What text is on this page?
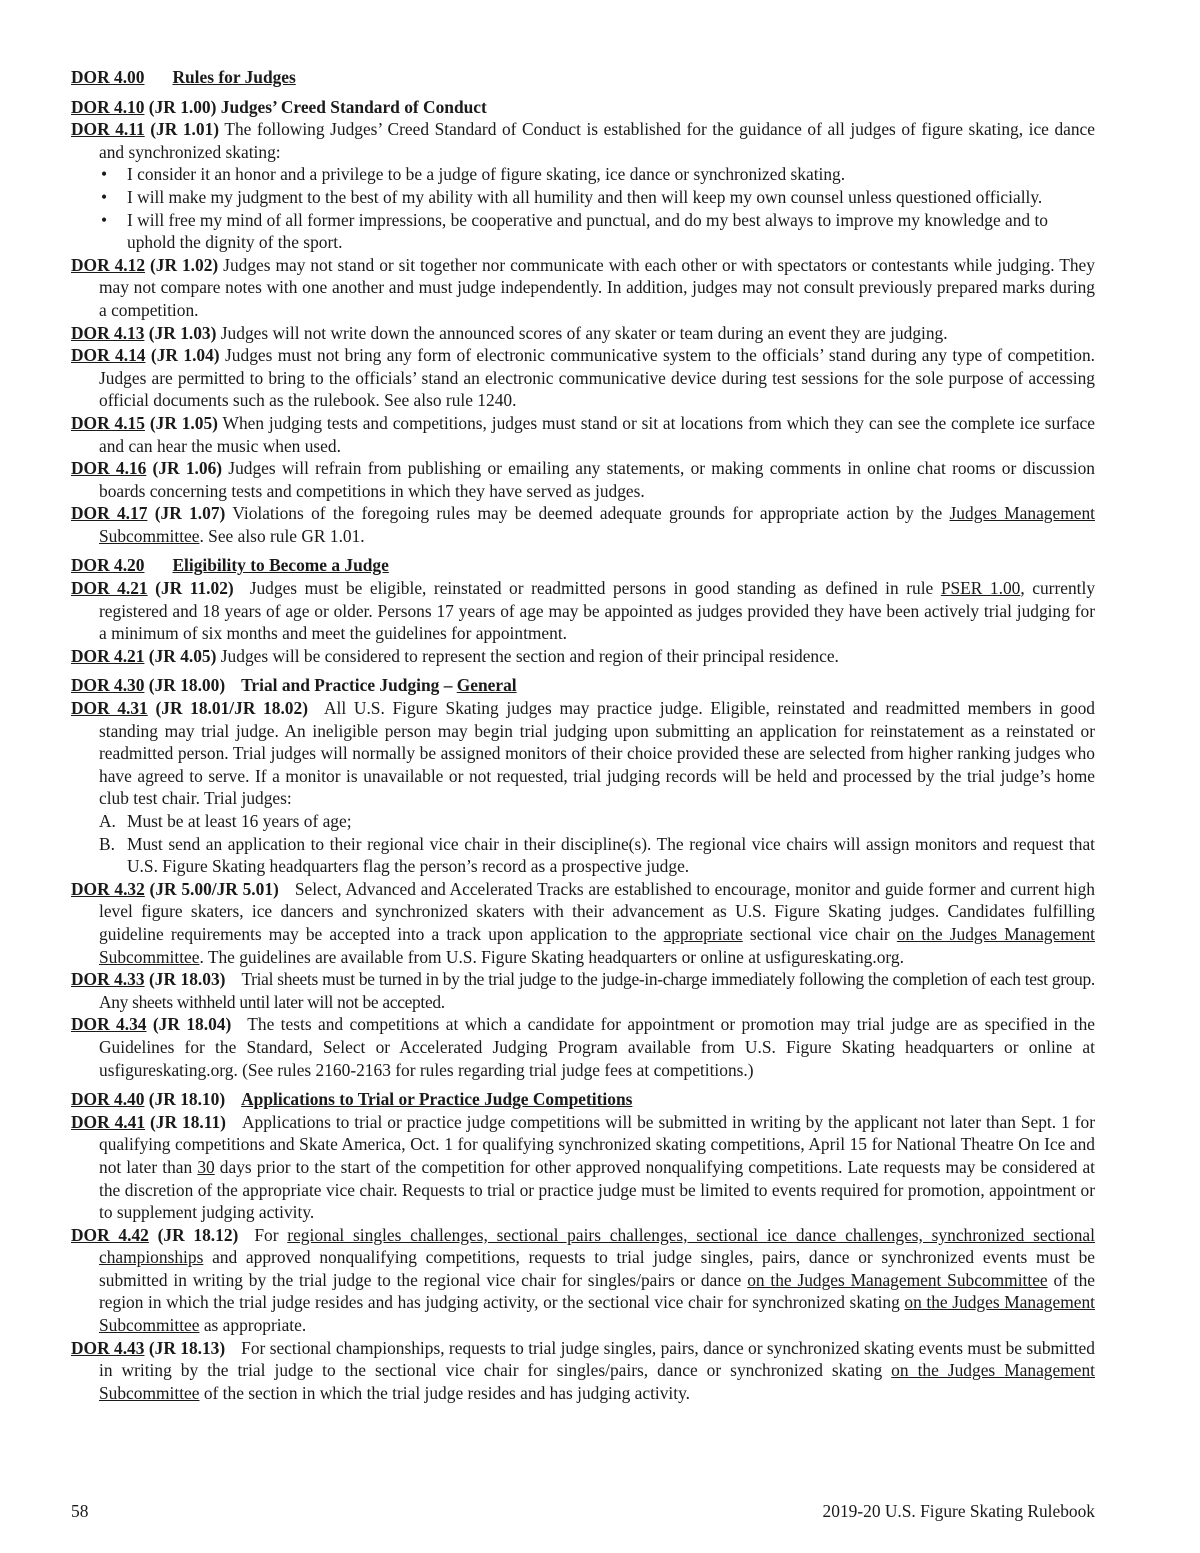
DOR 4.00 Rules for Judges
DOR 4.10 (JR 1.00) Judges’ Creed Standard of Conduct
DOR 4.11 (JR 1.01) The following Judges’ Creed Standard of Conduct is established for the guidance of all judges of figure skating, ice dance and synchronized skating:
• I consider it an honor and a privilege to be a judge of figure skating, ice dance or synchronized skating.
• I will make my judgment to the best of my ability with all humility and then will keep my own counsel unless questioned officially.
• I will free my mind of all former impressions, be cooperative and punctual, and do my best always to improve my knowledge and to uphold the dignity of the sport.
DOR 4.12 (JR 1.02) Judges may not stand or sit together nor communicate with each other or with spectators or contestants while judging. They may not compare notes with one another and must judge independently. In addition, judges may not consult previously prepared marks during a competition.
DOR 4.13 (JR 1.03) Judges will not write down the announced scores of any skater or team during an event they are judging.
DOR 4.14 (JR 1.04) Judges must not bring any form of electronic communicative system to the officials’ stand during any type of competition. Judges are permitted to bring to the officials’ stand an electronic communicative device during test sessions for the sole purpose of accessing official documents such as the rulebook. See also rule 1240.
DOR 4.15 (JR 1.05) When judging tests and competitions, judges must stand or sit at locations from which they can see the complete ice surface and can hear the music when used.
DOR 4.16 (JR 1.06) Judges will refrain from publishing or emailing any statements, or making comments in online chat rooms or discussion boards concerning tests and competitions in which they have served as judges.
DOR 4.17 (JR 1.07) Violations of the foregoing rules may be deemed adequate grounds for appropriate action by the Judges Management Subcommittee. See also rule GR 1.01.
DOR 4.20 Eligibility to Become a Judge
DOR 4.21 (JR 11.02) Judges must be eligible, reinstated or readmitted persons in good standing as defined in rule PSER 1.00, currently registered and 18 years of age or older. Persons 17 years of age may be appointed as judges provided they have been actively trial judging for a minimum of six months and meet the guidelines for appointment.
DOR 4.21 (JR 4.05) Judges will be considered to represent the section and region of their principal residence.
DOR 4.30 (JR 18.00) Trial and Practice Judging – General
DOR 4.31 (JR 18.01/JR 18.02) All U.S. Figure Skating judges may practice judge. Eligible, reinstated and readmitted members in good standing may trial judge. An ineligible person may begin trial judging upon submitting an application for reinstatement as a reinstated or readmitted person. Trial judges will normally be assigned monitors of their choice provided these are selected from higher ranking judges who have agreed to serve. If a monitor is unavailable or not requested, trial judging records will be held and processed by the trial judge’s home club test chair. Trial judges:
A. Must be at least 16 years of age;
B. Must send an application to their regional vice chair in their discipline(s). The regional vice chairs will assign monitors and request that U.S. Figure Skating headquarters flag the person’s record as a prospective judge.
DOR 4.32 (JR 5.00/JR 5.01) Select, Advanced and Accelerated Tracks are established to encourage, monitor and guide former and current high level figure skaters, ice dancers and synchronized skaters with their advancement as U.S. Figure Skating judges. Candidates fulfilling guideline requirements may be accepted into a track upon application to the appropriate sectional vice chair on the Judges Management Subcommittee. The guidelines are available from U.S. Figure Skating headquarters or online at usfigureskating.org.
DOR 4.33 (JR 18.03) Trial sheets must be turned in by the trial judge to the judge-in-charge immediately following the completion of each test group. Any sheets withheld until later will not be accepted.
DOR 4.34 (JR 18.04) The tests and competitions at which a candidate for appointment or promotion may trial judge are as specified in the Guidelines for the Standard, Select or Accelerated Judging Program available from U.S. Figure Skating headquarters or online at usfigureskating.org. (See rules 2160-2163 for rules regarding trial judge fees at competitions.)
DOR 4.40 (JR 18.10) Applications to Trial or Practice Judge Competitions
DOR 4.41 (JR 18.11) Applications to trial or practice judge competitions will be submitted in writing by the applicant not later than Sept. 1 for qualifying competitions and Skate America, Oct. 1 for qualifying synchronized skating competitions, April 15 for National Theatre On Ice and not later than 30 days prior to the start of the competition for other approved nonqualifying competitions. Late requests may be considered at the discretion of the appropriate vice chair. Requests to trial or practice judge must be limited to events required for promotion, appointment or to supplement judging activity.
DOR 4.42 (JR 18.12) For regional singles challenges, sectional pairs challenges, sectional ice dance challenges, synchronized sectional championships and approved nonqualifying competitions, requests to trial judge singles, pairs, dance or synchronized events must be submitted in writing by the trial judge to the regional vice chair for singles/pairs or dance on the Judges Management Subcommittee of the region in which the trial judge resides and has judging activity, or the sectional vice chair for synchronized skating on the Judges Management Subcommittee as appropriate.
DOR 4.43 (JR 18.13) For sectional championships, requests to trial judge singles, pairs, dance or synchronized skating events must be submitted in writing by the trial judge to the sectional vice chair for singles/pairs, dance or synchronized skating on the Judges Management Subcommittee of the section in which the trial judge resides and has judging activity.
58	2019-20 U.S. Figure Skating Rulebook
